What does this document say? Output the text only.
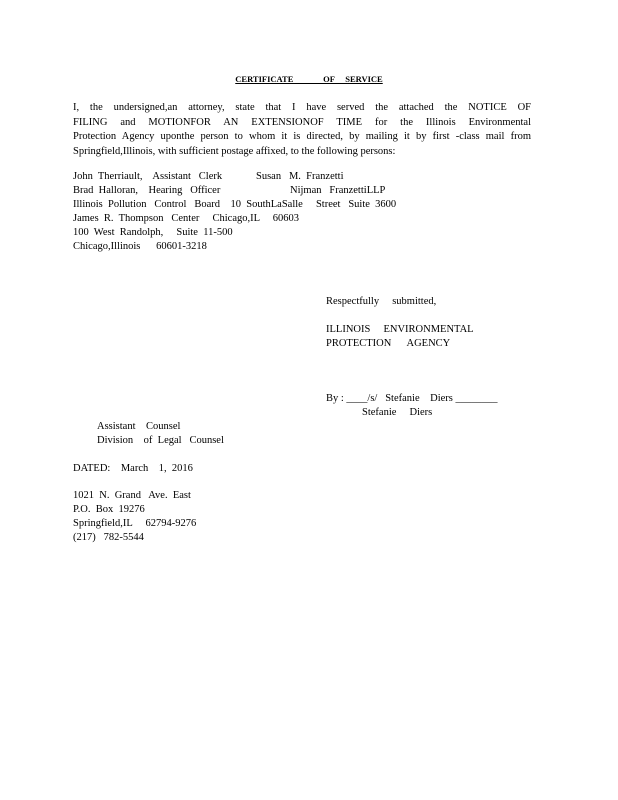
CERTIFICATE              OF     SERVICE
I, the undersigned,an attorney, state that I have served the attached the NOTICE OF
FILING and MOTIONFOR AN EXTENSIONOF TIME for the Illinois Environmental
Protection Agency uponthe person to whom it is directed, by mailing it by first -class mail from
Springfield,Illinois, with sufficient postage affixed, to the following persons:
John  Therriault,    Assistant   Clerk
Brad  Halloran,    Hearing   Officer
Illinois  Pollution   Control   Board    10  SouthLaSalle     Street   Suite  3600
James  R.  Thompson   Center     Chicago,IL     60603
100  West  Randolph,     Suite  11-500
Chicago,Illinois      60601-3218
Susan   M.  Franzetti
Nijman   FranzettiLLP
Respectfully     submitted,
ILLINOIS     ENVIRONMENTAL
PROTECTION      AGENCY
By : ____/s/   Stefanie    Diers ________
Stefanie     Diers
Assistant    Counsel
Division    of  Legal   Counsel
DATED:    March    1,  2016
1021  N.  Grand   Ave.  East
P.O.  Box  19276
Springfield,IL     62794-9276
(217)   782-5544
